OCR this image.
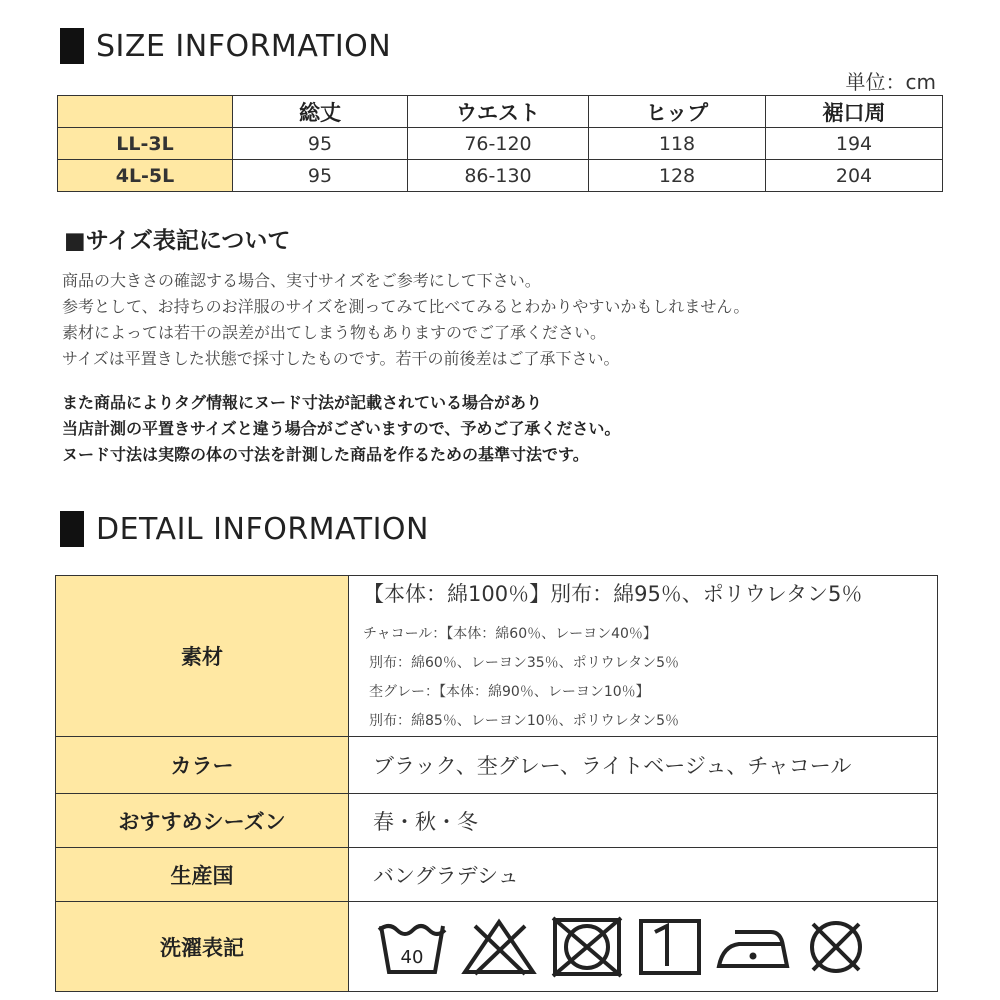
SIZE INFORMATION
単位：cm
	総丈	ウエスト	ヒップ	裾口周
LL-3L	95	76-120	118	194
4L-5L	95	86-130	128	204
■サイズ表記について
商品の大きさの確認する場合、実寸サイズをご参考にして下さい。
参考として、お持ちのお洋服のサイズを測ってみて比べてみるとわかりやすいかもしれません。
素材によっては若干の誤差が出てしまう物もありますのでご了承ください。
サイズは平置きした状態で採寸したものです。若干の前後差はご了承下さい。
また商品によりタグ情報にヌード寸法が記載されている場合があり
当店計測の平置きサイズと違う場合がございますので、予めご了承ください。
ヌード寸法は実際の体の寸法を計測した商品を作るための基準寸法です。
DETAIL INFORMATION
素材	【本体：綿100％】別布：綿95％、ポリウレタン5％
チャコール：【本体：綿60％、レーヨン40％】
別布：綿60％、レーヨン35％、ポリウレタン5％
杢グレー：【本体：綿90％、レーヨン10％】
別布：綿85％、レーヨン10％、ポリウレタン5％

カラー	ブラック、杢グレー、ライトベージュ、チャコール
おすすめシーズン	春・秋・冬
生産国	バングラデシュ
洗濯表記	40
